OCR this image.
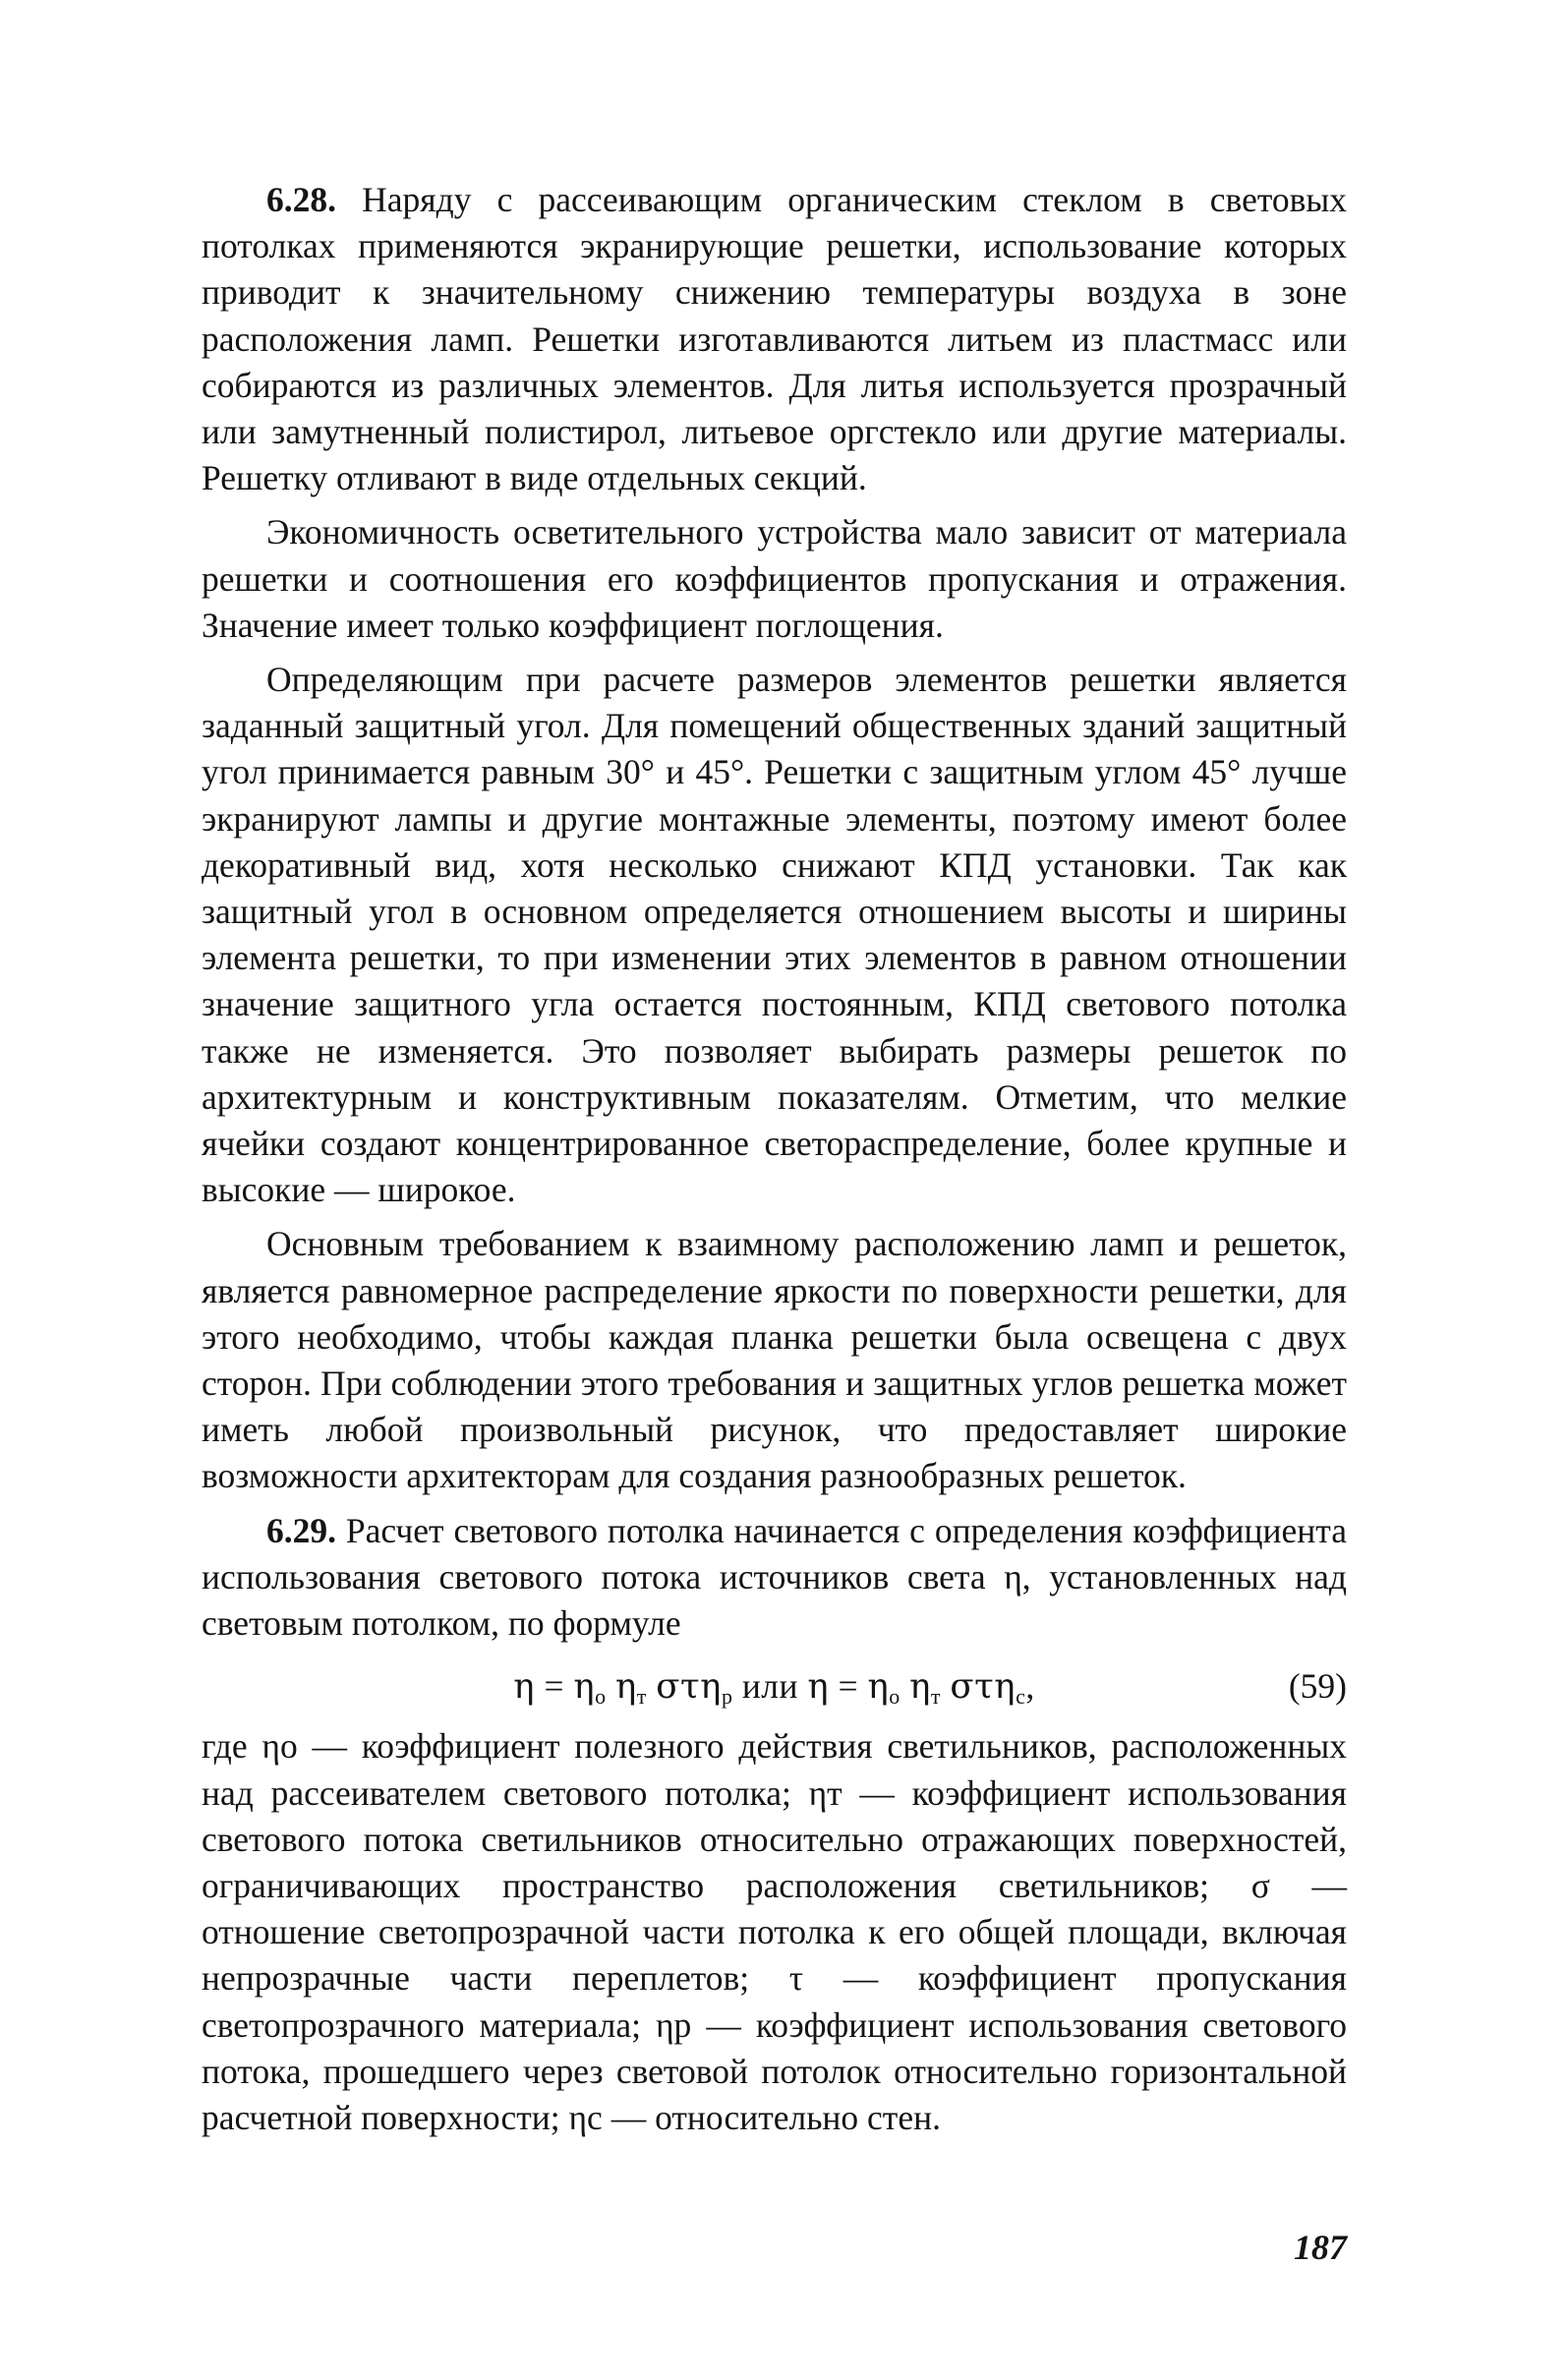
6.28. Наряду с рассеивающим органическим стеклом в световых потолках применяются экранирующие решетки, использование которых приводит к значительному снижению температуры воздуха в зоне расположения ламп. Решетки изготавливаются литьем из пластмасс или собираются из различных элементов. Для литья используется прозрачный или замутненный полистирол, литьевое оргстекло или другие материалы. Решетку отливают в виде отдельных секций.

Экономичность осветительного устройства мало зависит от материала решетки и соотношения его коэффициентов пропускания и отражения. Значение имеет только коэффициент поглощения.

Определяющим при расчете размеров элементов решетки является заданный защитный угол. Для помещений общественных зданий защитный угол принимается равным 30° и 45°. Решетки с защитным углом 45° лучше экранируют лампы и другие монтажные элементы, поэтому имеют более декоративный вид, хотя несколько снижают КПД установки. Так как защитный угол в основном определяется отношением высоты и ширины элемента решетки, то при изменении этих элементов в равном отношении значение защитного угла остается постоянным, КПД светового потолка также не изменяется. Это позволяет выбирать размеры решеток по архитектурным и конструктивным показателям. Отметим, что мелкие ячейки создают концентрированное светораспределение, более крупные и высокие — широкое.

Основным требованием к взаимному расположению ламп и решеток, является равномерное распределение яркости по поверхности решетки, для этого необходимо, чтобы каждая планка решетки была освещена с двух сторон. При соблюдении этого требования и защитных углов решетка может иметь любой произвольный рисунок, что предоставляет широкие возможности архитекторам для создания разнообразных решеток.

6.29. Расчет светового потолка начинается с определения коэффициента использования светового потока источников света η, установленных над световым потолком, по формуле

$\eta = \eta_о$ $\eta_т$ στη$_р$ или $\eta = \eta_о$ $\eta_т$ στη$_с$,	(59)

где ηо — коэффициент полезного действия светильников, расположенных над рассеивателем светового потолка; ηт — коэффициент использования светового потока светильников относительно отражающих поверхностей, ограничивающих пространство расположения светильников; σ — отношение светопрозрачной части потолка к его общей площади, включая непрозрачные части переплетов; τ — коэффициент пропускания светопрозрачного материала; ηр — коэффициент использования светового потока, прошедшего через световой потолок относительно горизонтальной расчетной поверхности; ηс — относительно стен.

187
